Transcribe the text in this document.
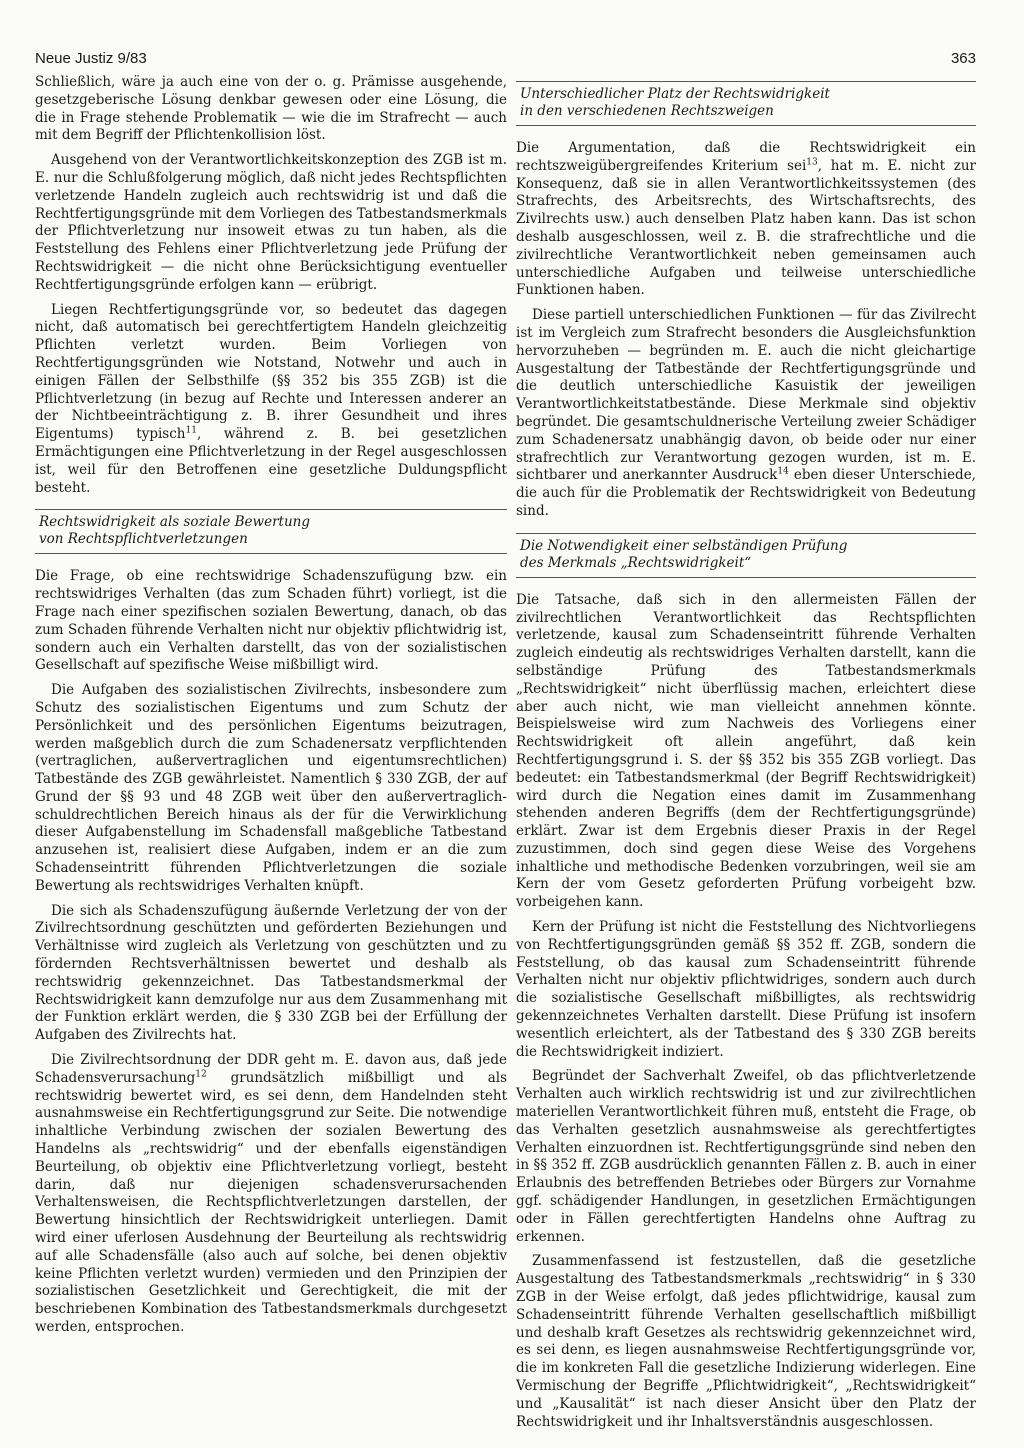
Neue Justiz 9/83	363

Schließlich, wäre ja auch eine von der o. g. Prämisse ausgehende, gesetzgeberische Lösung denkbar gewesen oder eine Lösung, die die in Frage stehende Problematik — wie die im Strafrecht — auch mit dem Begriff der Pflichtenkollision löst.

Ausgehend von der Verantwortlichkeitskonzeption des ZGB ist m. E. nur die Schlußfolgerung möglich, daß nicht jedes Rechtspflichten verletzende Handeln zugleich auch rechtswidrig ist und daß die Rechtfertigungsgründe mit dem Vorliegen des Tatbestandsmerkmals der Pflichtverletzung nur insoweit etwas zu tun haben, als die Feststellung des Fehlens einer Pflichtverletzung jede Prüfung der Rechtswidrigkeit — die nicht ohne Berücksichtigung eventueller Rechtfertigungsgründe erfolgen kann — erübrigt.

Liegen Rechtfertigungsgründe vor, so bedeutet das dagegen nicht, daß automatisch bei gerechtfertigtem Handeln gleichzeitig Pflichten verletzt wurden. Beim Vorliegen von Rechtfertigungsgründen wie Notstand, Notwehr und auch in einigen Fällen der Selbsthilfe (§§ 352 bis 355 ZGB) ist die Pflichtverletzung (in bezug auf Rechte und Interessen anderer an der Nichtbeeinträchtigung z. B. ihrer Gesundheit und ihres Eigentums) typisch$^{11}$, während z. B. bei gesetzlichen Ermächtigungen eine Pflichtverletzung in der Regel ausgeschlossen ist, weil für den Betroffenen eine gesetzliche Duldungspflicht besteht.

Rechtswidrigkeit als soziale Bewertung
von Rechtspflichtverletzungen

Die Frage, ob eine rechtswidrige Schadenszufügung bzw. ein rechtswidriges Verhalten (das zum Schaden führt) vorliegt, ist die Frage nach einer spezifischen sozialen Bewertung, danach, ob das zum Schaden führende Verhalten nicht nur objektiv pflichtwidrig ist, sondern auch ein Verhalten darstellt, das von der sozialistischen Gesellschaft auf spezifische Weise mißbilligt wird.

Die Aufgaben des sozialistischen Zivilrechts, insbesondere zum Schutz des sozialistischen Eigentums und zum Schutz der Persönlichkeit und des persönlichen Eigentums beizutragen, werden maßgeblich durch die zum Schadenersatz verpflichtenden (vertraglichen, außervertraglichen und eigentumsrechtlichen) Tatbestände des ZGB gewährleistet. Namentlich § 330 ZGB, der auf Grund der §§ 93 und 48 ZGB weit über den außervertraglich-schuldrechtlichen Bereich hinaus als der für die Verwirklichung dieser Aufgabenstellung im Schadensfall maßgebliche Tatbestand anzusehen ist, realisiert diese Aufgaben, indem er an die zum Schadenseintritt führenden Pflichtverletzungen die soziale Bewertung als rechtswidriges Verhalten knüpft.

Die sich als Schadenszufügung äußernde Verletzung der von der Zivilrechtsordnung geschützten und geförderten Beziehungen und Verhältnisse wird zugleich als Verletzung von geschützten und zu fördernden Rechtsverhältnissen bewertet und deshalb als rechtswidrig gekennzeichnet. Das Tatbestandsmerkmal der Rechtswidrigkeit kann demzufolge nur aus dem Zusammenhang mit der Funktion erklärt werden, die § 330 ZGB bei der Erfüllung der Aufgaben des Zivilrechts hat.

Die Zivilrechtsordnung der DDR geht m. E. davon aus, daß jede Schadensverursachung$^{12}$ grundsätzlich mißbilligt und als rechtswidrig bewertet wird, es sei denn, dem Handelnden steht ausnahmsweise ein Rechtfertigungsgrund zur Seite. Die notwendige inhaltliche Verbindung zwischen der sozialen Bewertung des Handelns als „rechtswidrig“ und der ebenfalls eigenständigen Beurteilung, ob objektiv eine Pflichtverletzung vorliegt, besteht darin, daß nur diejenigen schadensverursachenden Verhaltensweisen, die Rechtspflichtverletzungen darstellen, der Bewertung hinsichtlich der Rechtswidrigkeit unterliegen. Damit wird einer uferlosen Ausdehnung der Beurteilung als rechtswidrig auf alle Schadensfälle (also auch auf solche, bei denen objektiv keine Pflichten verletzt wurden) vermieden und den Prinzipien der sozialistischen Gesetzlichkeit und Gerechtigkeit, die mit der beschriebenen Kombination des Tatbestandsmerkmals durchgesetzt werden, entsprochen.

Unterschiedlicher Platz der Rechtswidrigkeit
in den verschiedenen Rechtszweigen

Die Argumentation, daß die Rechtswidrigkeit ein rechtszweigübergreifendes Kriterium sei$^{13}$, hat m. E. nicht zur Konsequenz, daß sie in allen Verantwortlichkeitssystemen (des Strafrechts, des Arbeitsrechts, des Wirtschaftsrechts, des Zivilrechts usw.) auch denselben Platz haben kann. Das ist schon deshalb ausgeschlossen, weil z. B. die strafrechtliche und die zivilrechtliche Verantwortlichkeit neben gemeinsamen auch unterschiedliche Aufgaben und teilweise unterschiedliche Funktionen haben.

Diese partiell unterschiedlichen Funktionen — für das Zivilrecht ist im Vergleich zum Strafrecht besonders die Ausgleichsfunktion hervorzuheben — begründen m. E. auch die nicht gleichartige Ausgestaltung der Tatbestände der Rechtfertigungsgründe und die deutlich unterschiedliche Kasuistik der jeweiligen Verantwortlichkeitstatbestände. Diese Merkmale sind objektiv begründet. Die gesamtschuldnerische Verteilung zweier Schädiger zum Schadenersatz unabhängig davon, ob beide oder nur einer strafrechtlich zur Verantwortung gezogen wurden, ist m. E. sichtbarer und anerkannter Ausdruck$^{14}$ eben dieser Unterschiede, die auch für die Problematik der Rechtswidrigkeit von Bedeutung sind.

Die Notwendigkeit einer selbständigen Prüfung
des Merkmals „Rechtswidrigkeit“

Die Tatsache, daß sich in den allermeisten Fällen der zivilrechtlichen Verantwortlichkeit das Rechtspflichten verletzende, kausal zum Schadenseintritt führende Verhalten zugleich eindeutig als rechtswidriges Verhalten darstellt, kann die selbständige Prüfung des Tatbestandsmerkmals „Rechtswidrigkeit“ nicht überflüssig machen, erleichtert diese aber auch nicht, wie man vielleicht annehmen könnte. Beispielsweise wird zum Nachweis des Vorliegens einer Rechtswidrigkeit oft allein angeführt, daß kein Rechtfertigungsgrund i. S. der §§ 352 bis 355 ZGB vorliegt. Das bedeutet: ein Tatbestandsmerkmal (der Begriff Rechtswidrigkeit) wird durch die Negation eines damit im Zusammenhang stehenden anderen Begriffs (dem der Rechtfertigungsgründe) erklärt. Zwar ist dem Ergebnis dieser Praxis in der Regel zuzustimmen, doch sind gegen diese Weise des Vorgehens inhaltliche und methodische Bedenken vorzubringen, weil sie am Kern der vom Gesetz geforderten Prüfung vorbeigeht bzw. vorbeigehen kann.

Kern der Prüfung ist nicht die Feststellung des Nichtvorliegens von Rechtfertigungsgründen gemäß §§ 352 ff. ZGB, sondern die Feststellung, ob das kausal zum Schadenseintritt führende Verhalten nicht nur objektiv pflichtwidriges, sondern auch durch die sozialistische Gesellschaft mißbilligtes, als rechtswidrig gekennzeichnetes Verhalten darstellt. Diese Prüfung ist insofern wesentlich erleichtert, als der Tatbestand des § 330 ZGB bereits die Rechtswidrigkeit indiziert.

Begründet der Sachverhalt Zweifel, ob das pflichtverletzende Verhalten auch wirklich rechtswidrig ist und zur zivilrechtlichen materiellen Verantwortlichkeit führen muß, entsteht die Frage, ob das Verhalten gesetzlich ausnahmsweise als gerechtfertigtes Verhalten einzuordnen ist. Rechtfertigungsgründe sind neben den in §§ 352 ff. ZGB ausdrücklich genannten Fällen z. B. auch in einer Erlaubnis des betreffenden Betriebes oder Bürgers zur Vornahme ggf. schädigender Handlungen, in gesetzlichen Ermächtigungen oder in Fällen gerechtfertigten Handelns ohne Auftrag zu erkennen.

Zusammenfassend ist festzustellen, daß die gesetzliche Ausgestaltung des Tatbestandsmerkmals „rechtswidrig“ in § 330 ZGB in der Weise erfolgt, daß jedes pflichtwidrige, kausal zum Schadenseintritt führende Verhalten gesellschaftlich mißbilligt und deshalb kraft Gesetzes als rechtswidrig gekennzeichnet wird, es sei denn, es liegen ausnahmsweise Rechtfertigungsgründe vor, die im konkreten Fall die gesetzliche Indizierung widerlegen. Eine Vermischung der Begriffe „Pflichtwidrigkeit“, „Rechtswidrigkeit“ und „Kausalität“ ist nach dieser Ansicht über den Platz der Rechtswidrigkeit und ihr Inhaltsverständnis ausgeschlossen.
